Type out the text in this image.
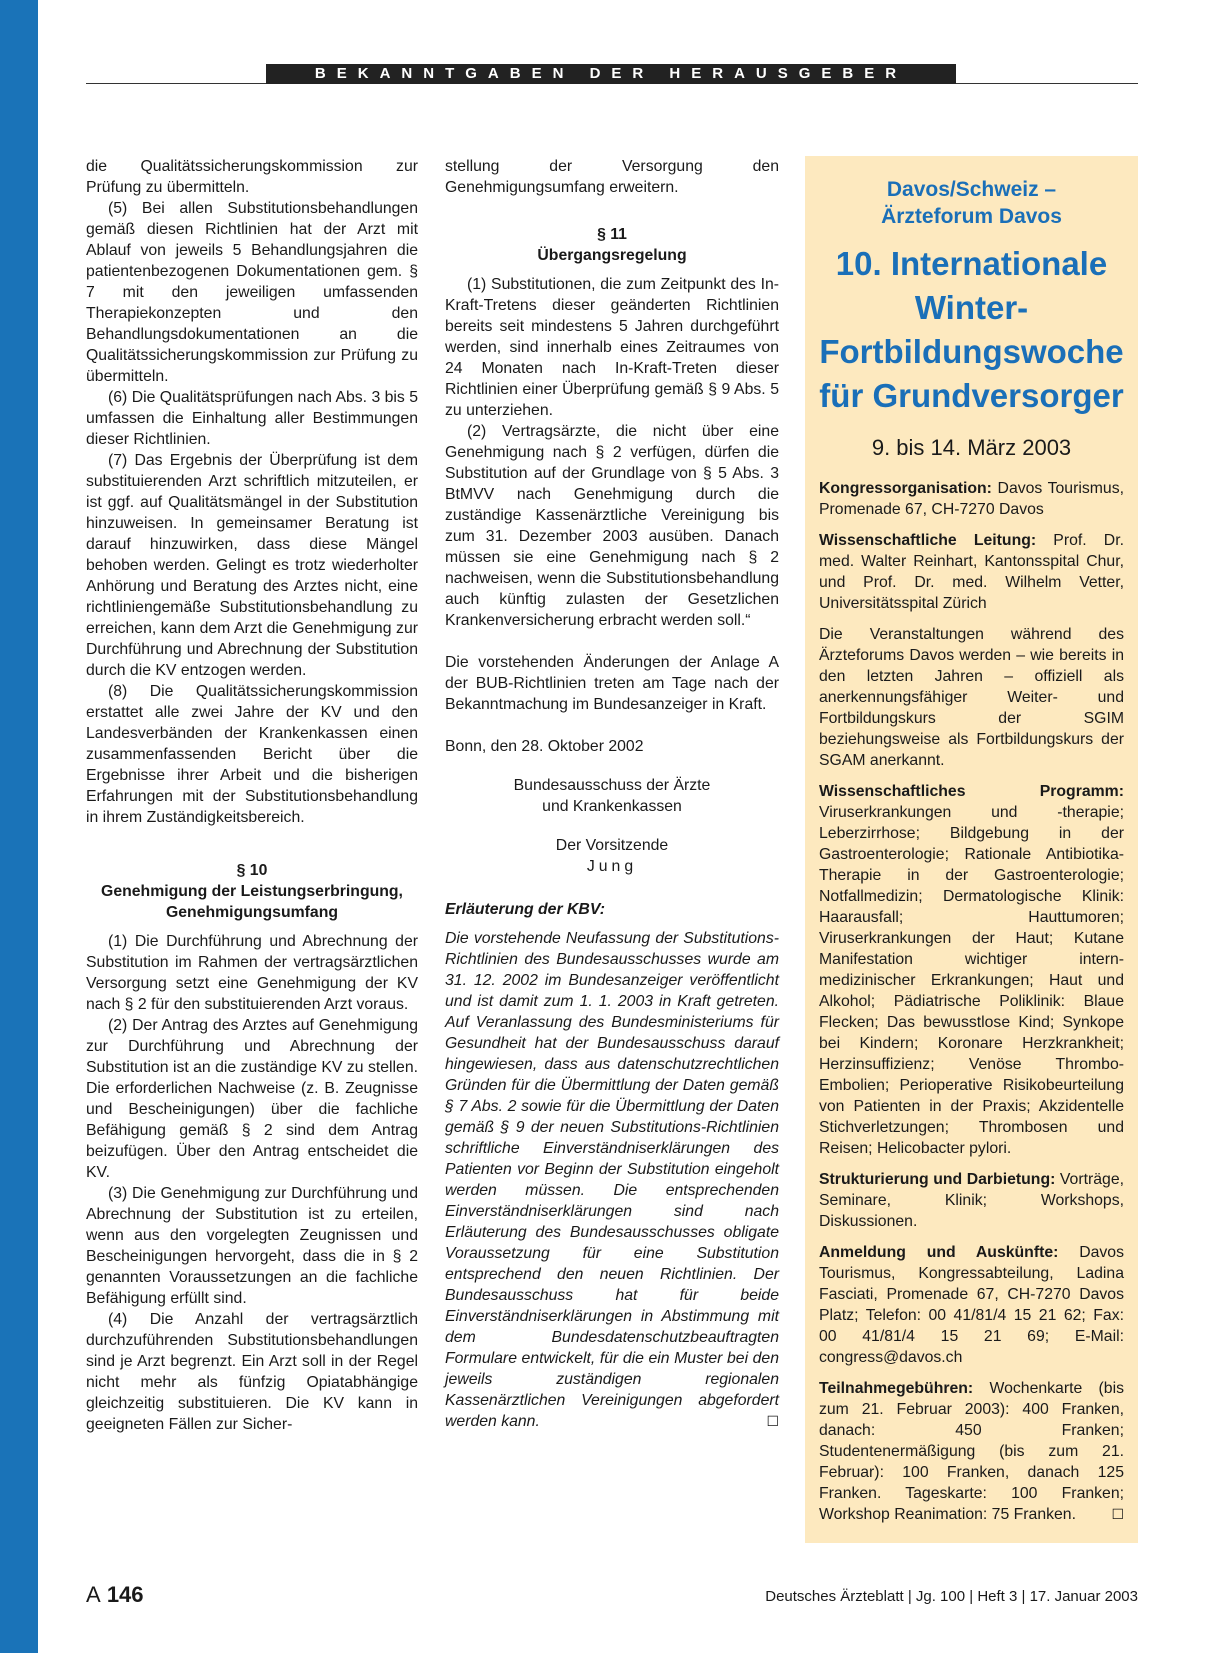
BEKANNTGABEN DER HERAUSGEBER

die Qualitätssicherungskommission zur Prüfung zu übermitteln.

(5) Bei allen Substitutionsbehandlungen gemäß diesen Richtlinien hat der Arzt mit Ablauf von jeweils 5 Behandlungsjahren die patientenbezogenen Dokumentationen gem. § 7 mit den jeweiligen umfassenden Therapiekonzepten und den Behandlungsdokumentationen an die Qualitätssicherungskommission zur Prüfung zu übermitteln.

(6) Die Qualitätsprüfungen nach Abs. 3 bis 5 umfassen die Einhaltung aller Bestimmungen dieser Richtlinien.

(7) Das Ergebnis der Überprüfung ist dem substituierenden Arzt schriftlich mitzuteilen, er ist ggf. auf Qualitätsmängel in der Substitution hinzuweisen. In gemeinsamer Beratung ist darauf hinzuwirken, dass diese Mängel behoben werden. Gelingt es trotz wiederholter Anhörung und Beratung des Arztes nicht, eine richtliniengemäße Substitutionsbehandlung zu erreichen, kann dem Arzt die Genehmigung zur Durchführung und Abrechnung der Substitution durch die KV entzogen werden.

(8) Die Qualitätssicherungskommission erstattet alle zwei Jahre der KV und den Landesverbänden der Krankenkassen einen zusammenfassenden Bericht über die Ergebnisse ihrer Arbeit und die bisherigen Erfahrungen mit der Substitutionsbehandlung in ihrem Zuständigkeitsbereich.

§ 10
Genehmigung der Leistungserbringung,
Genehmigungsumfang

(1) Die Durchführung und Abrechnung der Substitution im Rahmen der vertragsärztlichen Versorgung setzt eine Genehmigung der KV nach § 2 für den substituierenden Arzt voraus.

(2) Der Antrag des Arztes auf Genehmigung zur Durchführung und Abrechnung der Substitution ist an die zuständige KV zu stellen. Die erforderlichen Nachweise (z. B. Zeugnisse und Bescheinigungen) über die fachliche Befähigung gemäß § 2 sind dem Antrag beizufügen. Über den Antrag entscheidet die KV.

(3) Die Genehmigung zur Durchführung und Abrechnung der Substitution ist zu erteilen, wenn aus den vorgelegten Zeugnissen und Bescheinigungen hervorgeht, dass die in § 2 genannten Voraussetzungen an die fachliche Befähigung erfüllt sind.

(4) Die Anzahl der vertragsärztlich durchzuführenden Substitutionsbehandlungen sind je Arzt begrenzt. Ein Arzt soll in der Regel nicht mehr als fünfzig Opiatabhängige gleichzeitig substituieren. Die KV kann in geeigneten Fällen zur Sicher-

stellung der Versorgung den Genehmigungsumfang erweitern.

§ 11
Übergangsregelung

(1) Substitutionen, die zum Zeitpunkt des In-Kraft-Tretens dieser geänderten Richtlinien bereits seit mindestens 5 Jahren durchgeführt werden, sind innerhalb eines Zeitraumes von 24 Monaten nach In-Kraft-Treten dieser Richtlinien einer Überprüfung gemäß § 9 Abs. 5 zu unterziehen.

(2) Vertragsärzte, die nicht über eine Genehmigung nach § 2 verfügen, dürfen die Substitution auf der Grundlage von § 5 Abs. 3 BtMVV nach Genehmigung durch die zuständige Kassenärztliche Vereinigung bis zum 31. Dezember 2003 ausüben. Danach müssen sie eine Genehmigung nach § 2 nachweisen, wenn die Substitutionsbehandlung auch künftig zulasten der Gesetzlichen Krankenversicherung erbracht werden soll.“

Die vorstehenden Änderungen der Anlage A der BUB-Richtlinien treten am Tage nach der Bekanntmachung im Bundesanzeiger in Kraft.

Bonn, den 28. Oktober 2002

Bundesausschuss der Ärzte

und Krankenkassen

Der Vorsitzende

Jung

Erläuterung der KBV:

Die vorstehende Neufassung der Substitutions-Richtlinien des Bundesausschusses wurde am 31. 12. 2002 im Bundesanzeiger veröffentlicht und ist damit zum 1. 1. 2003 in Kraft getreten. Auf Veranlassung des Bundesministeriums für Gesundheit hat der Bundesausschuss darauf hingewiesen, dass aus datenschutzrechtlichen Gründen für die Übermittlung der Daten gemäß § 7 Abs. 2 sowie für die Übermittlung der Daten gemäß § 9 der neuen Substitutions-Richtlinien schriftliche Einverständniserklärungen des Patienten vor Beginn der Substitution eingeholt werden müssen. Die entsprechenden Einverständniserklärungen sind nach Erläuterung des Bundesausschusses obligate Voraussetzung für eine Substitution entsprechend den neuen Richtlinien. Der Bundesausschuss hat für beide Einverständniserklärungen in Abstimmung mit dem Bundesdatenschutzbeauftragten Formulare entwickelt, für die ein Muster bei den jeweils zuständigen regionalen Kassenärztlichen Vereinigungen abgefordert werden kann.	☐

Davos/Schweiz –
Ärzteforum Davos
10. Internationale Winter-Fortbildungswoche für Grundversorger
9. bis 14. März 2003

Kongressorganisation: Davos Tourismus, Promenade 67, CH-7270 Davos

Wissenschaftliche Leitung: Prof. Dr. med. Walter Reinhart, Kantonsspital Chur, und Prof. Dr. med. Wilhelm Vetter, Universitätsspital Zürich

Die Veranstaltungen während des Ärzteforums Davos werden – wie bereits in den letzten Jahren – offiziell als anerkennungsfähiger Weiter- und Fortbildungskurs der SGIM beziehungsweise als Fortbildungskurs der SGAM anerkannt.

Wissenschaftliches Programm: Viruserkrankungen und -therapie; Leberzirrhose; Bildgebung in der Gastroenterologie; Rationale Antibiotika-Therapie in der Gastroenterologie; Notfallmedizin; Dermatologische Klinik: Haarausfall; Hauttumoren; Viruserkrankungen der Haut; Kutane Manifestation wichtiger intern-medizinischer Erkrankungen; Haut und Alkohol; Pädiatrische Poliklinik: Blaue Flecken; Das bewusstlose Kind; Synkope bei Kindern; Koronare Herzkrankheit; Herzinsuffizienz; Venöse Thrombo-Embolien; Perioperative Risikobeurteilung von Patienten in der Praxis; Akzidentelle Stichverletzungen; Thrombosen und Reisen; Helicobacter pylori.

Strukturierung und Darbietung: Vorträge, Seminare, Klinik; Workshops, Diskussionen.

Anmeldung und Auskünfte: Davos Tourismus, Kongressabteilung, Ladina Fasciati, Promenade 67, CH-7270 Davos Platz; Telefon: 00 41/81/4 15 21 62; Fax: 00 41/81/4 15 21 69; E-Mail: congress@davos.ch

Teilnahmegebühren: Wochenkarte (bis zum 21. Februar 2003): 400 Franken, danach: 450 Franken; Studentenermäßigung (bis zum 21. Februar): 100 Franken, danach 125 Franken. Tageskarte: 100 Franken; Workshop Reanimation: 75 Franken.	☐

A 146	Deutsches Ärzteblatt | Jg. 100 | Heft 3 | 17. Januar 2003
